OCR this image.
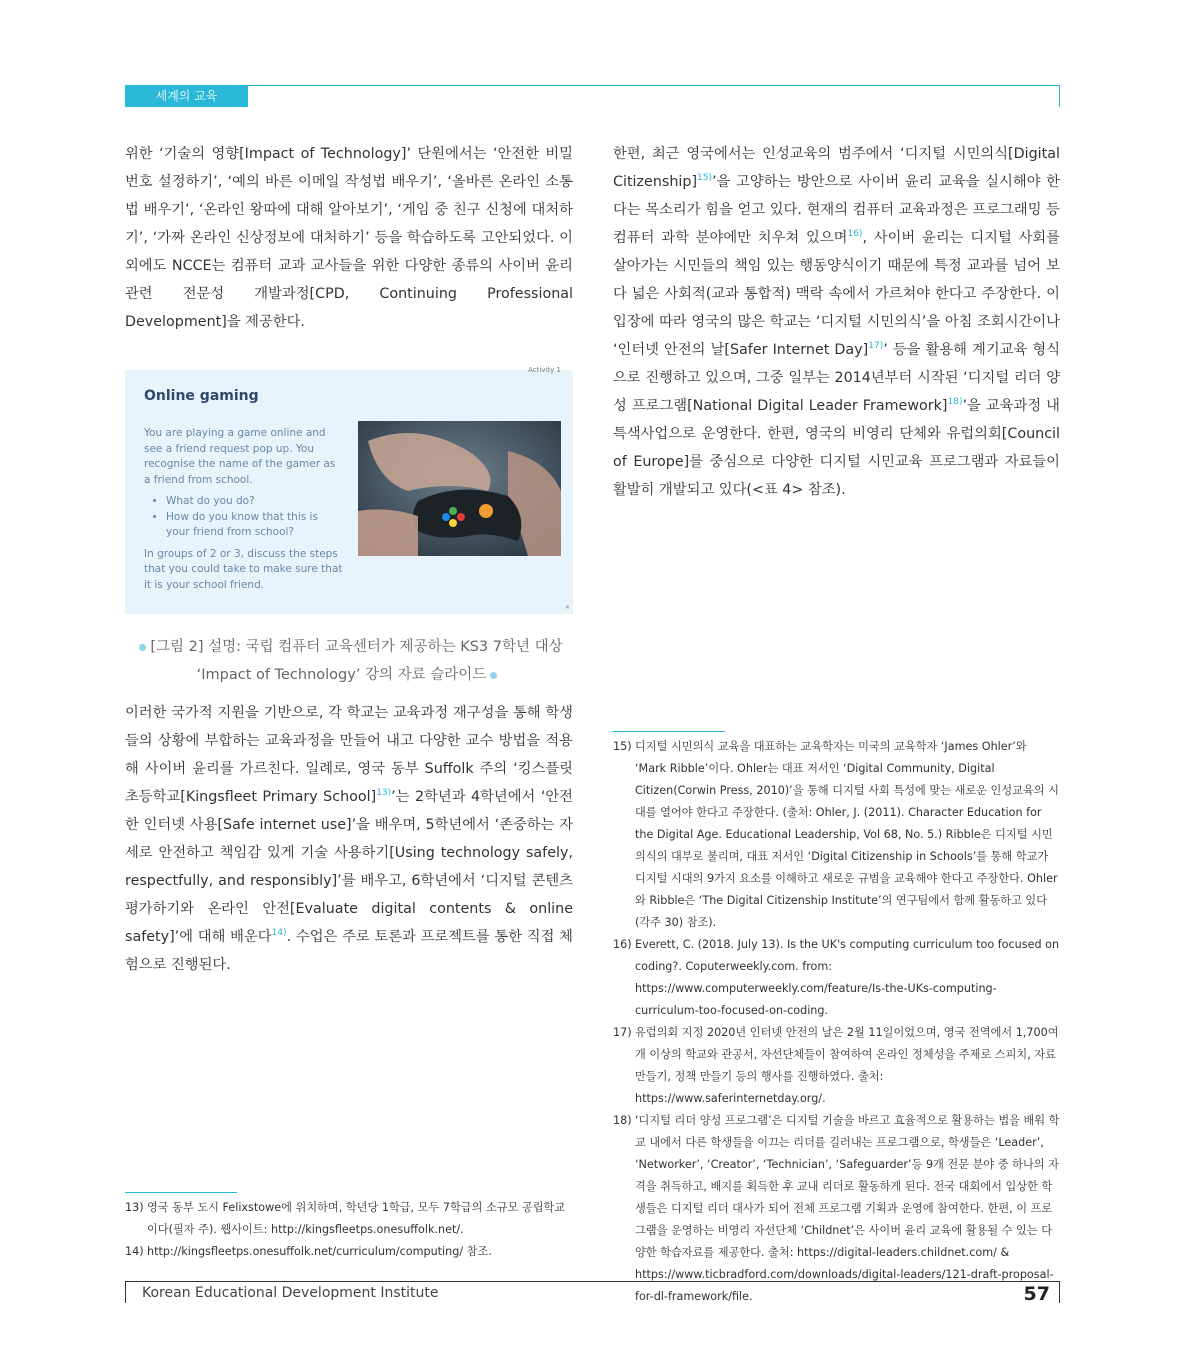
세계의 교육

위한 ‘기술의 영향[Impact of Technology]’ 단원에서는 ‘안전한 비밀번호 설정하기’, ‘예의 바른 이메일 작성법 배우기’, ‘올바른 온라인 소통법 배우기’, ‘온라인 왕따에 대해 알아보기’, ‘게임 중 친구 신청에 대처하기’, ‘가짜 온라인 신상정보에 대처하기’ 등을 학습하도록 고안되었다. 이 외에도 NCCE는 컴퓨터 교과 교사들을 위한 다양한 종류의 사이버 윤리 관련 전문성 개발과정[CPD, Continuing Professional Development]을 제공한다.

Activity 1
Online gaming
You are playing a game online and see a friend request pop up. You recognise the name of the gamer as a friend from school.
• What do you do?
• How do you know that this is your friend from school?
In groups of 2 or 3, discuss the steps that you could take to make sure that it is your school friend.
4
[그림 2] 설명: 국립 컴퓨터 교육센터가 제공하는 KS3 7학년 대상
‘Impact of Technology’ 강의 자료 슬라이드

이러한 국가적 지원을 기반으로, 각 학교는 교육과정 재구성을 통해 학생들의 상황에 부합하는 교육과정을 만들어 내고 다양한 교수 방법을 적용해 사이버 윤리를 가르친다. 일례로, 영국 동부 Suffolk 주의 ‘킹스플릿 초등학교[Kingsfleet Primary School]$^{13)}$’는 2학년과 4학년에서 ‘안전한 인터넷 사용[Safe internet use]’을 배우며, 5학년에서 ‘존중하는 자세로 안전하고 책임감 있게 기술 사용하기[Using technology safely, respectfully, and responsibly]’를 배우고, 6학년에서 ‘디지털 콘텐츠 평가하기와 온라인 안전[Evaluate digital contents & online safety]’에 대해 배운다$^{14)}$. 수업은 주로 토론과 프로젝트를 통한 직접 체험으로 진행된다.

한편, 최근 영국에서는 인성교육의 범주에서 ‘디지털 시민의식[Digital Citizenship]$^{15)}$’을 고양하는 방안으로 사이버 윤리 교육을 실시해야 한다는 목소리가 힘을 얻고 있다. 현재의 컴퓨터 교육과정은 프로그래밍 등 컴퓨터 과학 분야에만 치우쳐 있으며$^{16)}$, 사이버 윤리는 디지털 사회를 살아가는 시민들의 책임 있는 행동양식이기 때문에 특정 교과를 넘어 보다 넓은 사회적(교과 통합적) 맥락 속에서 가르쳐야 한다고 주장한다. 이 입장에 따라 영국의 많은 학교는 ‘디지털 시민의식’을 아침 조회시간이나 ‘인터넷 안전의 날[Safer Internet Day]$^{17)}$’ 등을 활용해 계기교육 형식으로 진행하고 있으며, 그중 일부는 2014년부터 시작된 ‘디지털 리더 양성 프로그램[National Digital Leader Framework]$^{18)}$’을 교육과정 내 특색사업으로 운영한다. 한편, 영국의 비영리 단체와 유럽의회[Council of Europe]를 중심으로 다양한 디지털 시민교육 프로그램과 자료들이 활발히 개발되고 있다(<표 4> 참조).

15) 디지털 시민의식 교육을 대표하는 교육학자는 미국의 교육학자 ‘James Ohler’와 ‘Mark Ribble’이다. Ohler는 대표 저서인 ‘Digital Community, Digital Citizen(Corwin Press, 2010)’을 통해 디지털 사회 특성에 맞는 새로운 인성교육의 시대를 열어야 한다고 주장한다. (출처: Ohler, J. (2011). Character Education for the Digital Age. Educational Leadership, Vol 68, No. 5.) Ribble은 디지털 시민의식의 대부로 불리며, 대표 저서인 ‘Digital Citizenship in Schools’를 통해 학교가 디지털 시대의 9가지 요소를 이해하고 새로운 규범을 교육해야 한다고 주장한다. Ohler와 Ribble은 ‘The Digital Citizenship Institute’의 연구팀에서 함께 활동하고 있다 (각주 30) 참조).
16) Everett, C. (2018. July 13). Is the UK's computing curriculum too focused on coding?. Coputerweekly.com. from: https://www.computerweekly.com/feature/Is-the-UKs-computing-curriculum-too-focused-on-coding.
17) 유럽의회 지정 2020년 인터넷 안전의 날은 2월 11일이었으며, 영국 전역에서 1,700여 개 이상의 학교와 관공서, 자선단체들이 참여하여 온라인 정체성을 주제로 스피치, 자료 만들기, 정책 만들기 등의 행사를 진행하였다. 출처: https://www.saferinternetday.org/.
18) ‘디지털 리더 양성 프로그램’은 디지털 기술을 바르고 효율적으로 활용하는 법을 배워 학교 내에서 다른 학생들을 이끄는 리더를 길러내는 프로그램으로, 학생들은 ‘Leader’, ‘Networker’, ‘Creator’, ‘Technician’, ‘Safeguarder’등 9개 전문 분야 중 하나의 자격을 취득하고, 배지를 획득한 후 교내 리더로 활동하게 된다. 전국 대회에서 입상한 학생들은 디지털 리더 대사가 되어 전체 프로그램 기획과 운영에 참여한다. 한편, 이 프로그램을 운영하는 비영리 자선단체 ‘Childnet’은 사이버 윤리 교육에 활용될 수 있는 다양한 학습자료를 제공한다. 출처: https://digital-leaders.childnet.com/ & https://www.ticbradford.com/downloads/digital-leaders/121-draft-proposal-for-dl-framework/file.
13) 영국 동부 도시 Felixstowe에 위치하며, 학년당 1학급, 모두 7학급의 소규모 공립학교이다(필자 주). 웹사이트: http://kingsfleetps.onesuffolk.net/.
14) http://kingsfleetps.onesuffolk.net/curriculum/computing/ 참조.
Korean Educational Development Institute	57
